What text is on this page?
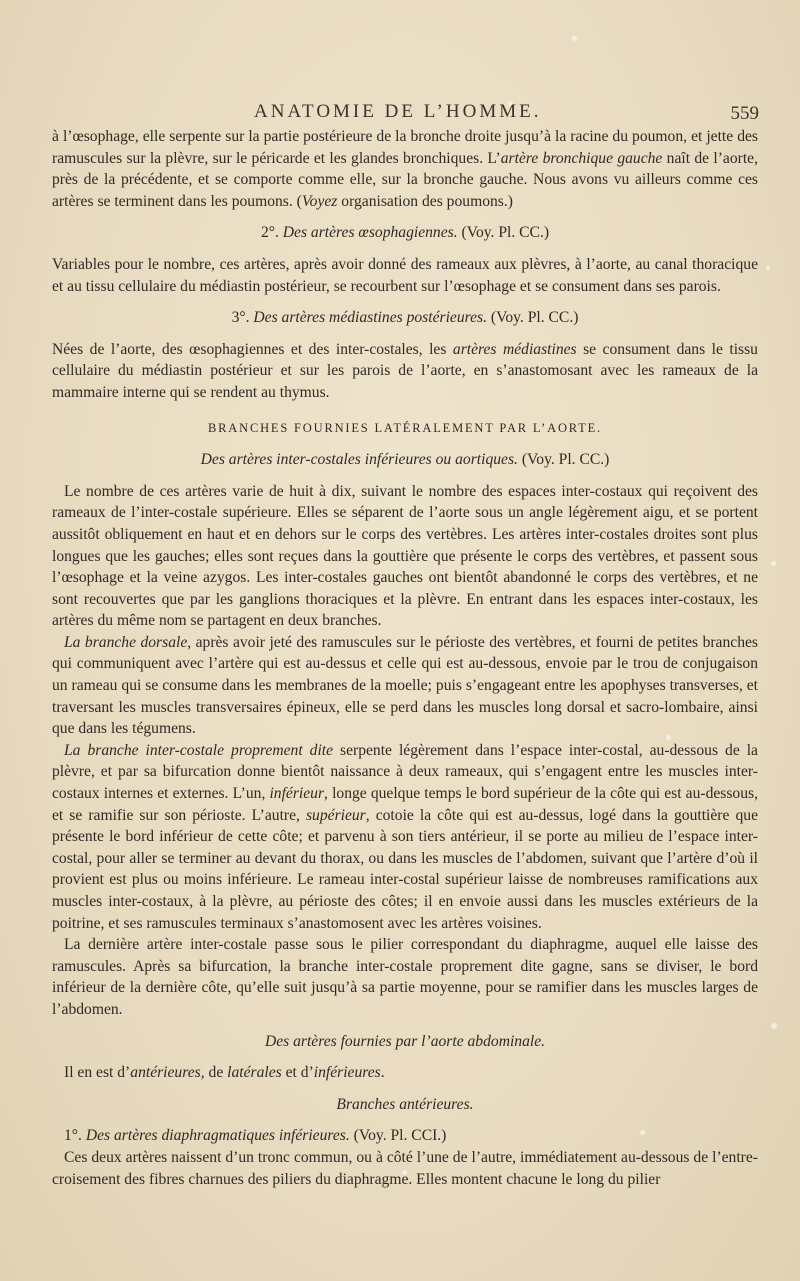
ANATOMIE DE L’HOMME.	559

à l’œsophage, elle serpente sur la partie postérieure de la bronche droite jusqu’à la racine du poumon, et jette des ramuscules sur la plèvre, sur le péricarde et les glandes bronchiques. L’artère bronchique gauche naît de l’aorte, près de la précédente, et se comporte comme elle, sur la bronche gauche. Nous avons vu ailleurs comme ces artères se terminent dans les poumons. (Voyez organisation des poumons.)

2°. Des artères œsophagiennes. (Voy. Pl. CC.)

Variables pour le nombre, ces artères, après avoir donné des rameaux aux plèvres, à l’aorte, au canal thoracique et au tissu cellulaire du médiastin postérieur, se recourbent sur l’œsophage et se consument dans ses parois.

3°. Des artères médiastines postérieures. (Voy. Pl. CC.)

Nées de l’aorte, des œsophagiennes et des inter-costales, les artères médiastines se consument dans le tissu cellulaire du médiastin postérieur et sur les parois de l’aorte, en s’anastomosant avec les rameaux de la mammaire interne qui se rendent au thymus.

BRANCHES FOURNIES LATÉRALEMENT PAR L’AORTE.

Des artères inter-costales inférieures ou aortiques. (Voy. Pl. CC.)

Le nombre de ces artères varie de huit à dix, suivant le nombre des espaces inter-costaux qui reçoivent des rameaux de l’inter-costale supérieure. Elles se séparent de l’aorte sous un angle légèrement aigu, et se portent aussitôt obliquement en haut et en dehors sur le corps des vertèbres. Les artères inter-costales droites sont plus longues que les gauches; elles sont reçues dans la gouttière que présente le corps des vertèbres, et passent sous l’œsophage et la veine azygos. Les inter-costales gauches ont bientôt abandonné le corps des vertèbres, et ne sont recouvertes que par les ganglions thoraciques et la plèvre. En entrant dans les espaces inter-costaux, les artères du même nom se partagent en deux branches.

La branche dorsale, après avoir jeté des ramuscules sur le périoste des vertèbres, et fourni de petites branches qui communiquent avec l’artère qui est au-dessus et celle qui est au-dessous, envoie par le trou de conjugaison un rameau qui se consume dans les membranes de la moelle; puis s’engageant entre les apophyses transverses, et traversant les muscles transversaires épineux, elle se perd dans les muscles long dorsal et sacro-lombaire, ainsi que dans les tégumens.

La branche inter-costale proprement dite serpente légèrement dans l’espace inter-costal, au-dessous de la plèvre, et par sa bifurcation donne bientôt naissance à deux rameaux, qui s’engagent entre les muscles inter-costaux internes et externes. L’un, inférieur, longe quelque temps le bord supérieur de la côte qui est au-dessous, et se ramifie sur son périoste. L’autre, supérieur, cotoie la côte qui est au-dessus, logé dans la gouttière que présente le bord inférieur de cette côte; et parvenu à son tiers antérieur, il se porte au milieu de l’espace inter-costal, pour aller se terminer au devant du thorax, ou dans les muscles de l’abdomen, suivant que l’artère d’où il provient est plus ou moins inférieure. Le rameau inter-costal supérieur laisse de nombreuses ramifications aux muscles inter-costaux, à la plèvre, au périoste des côtes; il en envoie aussi dans les muscles extérieurs de la poitrine, et ses ramuscules terminaux s’anastomosent avec les artères voisines.

La dernière artère inter-costale passe sous le pilier correspondant du diaphragme, auquel elle laisse des ramuscules. Après sa bifurcation, la branche inter-costale proprement dite gagne, sans se diviser, le bord inférieur de la dernière côte, qu’elle suit jusqu’à sa partie moyenne, pour se ramifier dans les muscles larges de l’abdomen.

Des artères fournies par l’aorte abdominale.

Il en est d’antérieures, de latérales et d’inférieures.

Branches antérieures.

1°. Des artères diaphragmatiques inférieures. (Voy. Pl. CCI.)

Ces deux artères naissent d’un tronc commun, ou à côté l’une de l’autre, immédiatement au-dessous de l’entre-croisement des fibres charnues des piliers du diaphragme. Elles montent chacune le long du pilier
